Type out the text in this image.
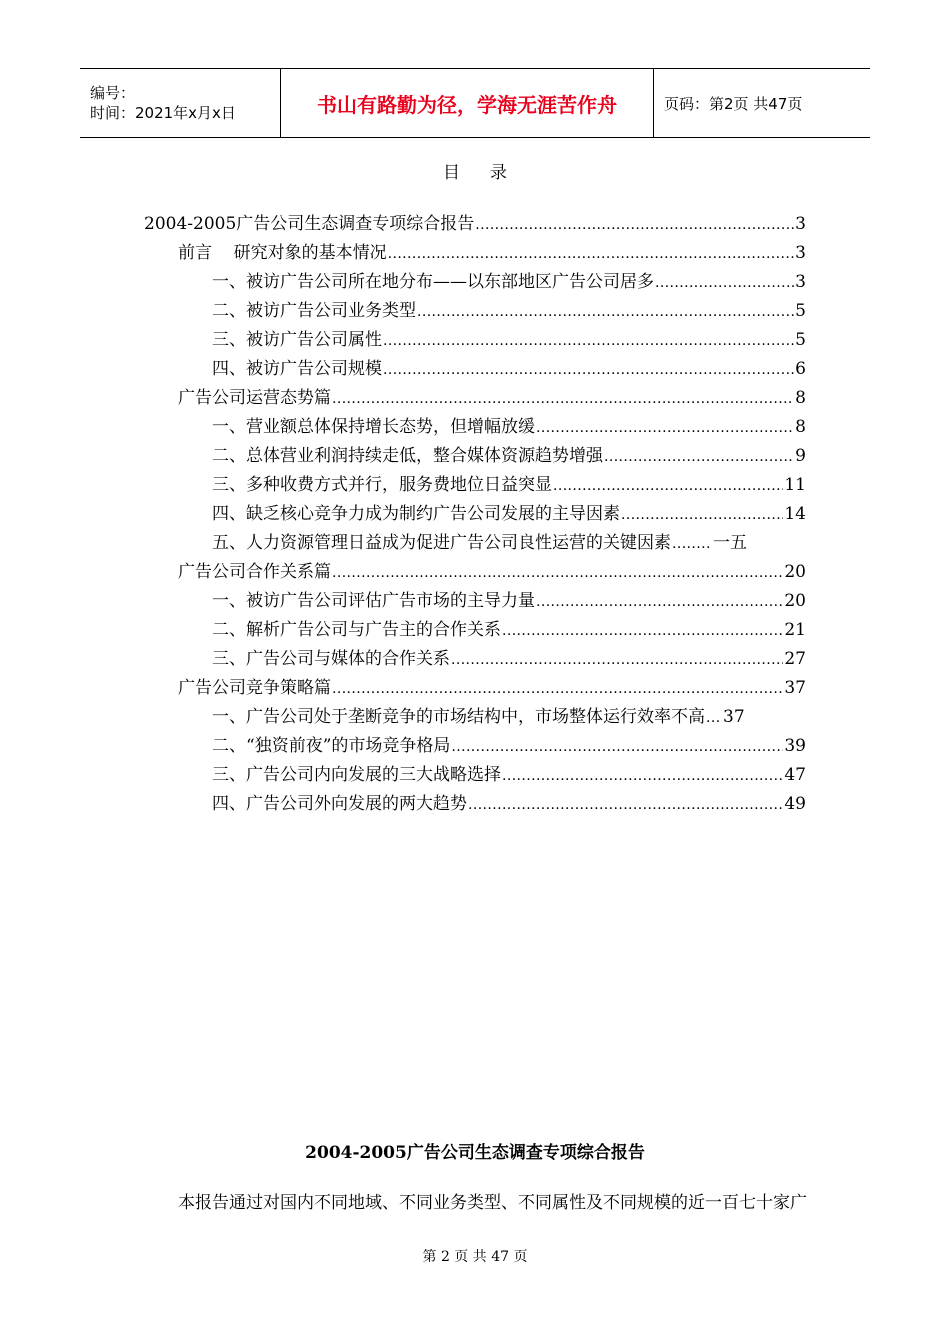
编号：
时间：2021年x月x日	书山有路勤为径，学海无涯苦作舟	页码：第2页 共47页
目 录
2004-2005广告公司生态调查专项综合报告 .....	3
前言    研究对象的基本情况 .....	3
一、被访广告公司所在地分布——以东部地区广告公司居多 .....	3
二、被访广告公司业务类型 .....	5
三、被访广告公司属性 .....	5
四、被访广告公司规模 .....	6
广告公司运营态势篇 .....	8
一、营业额总体保持增长态势，但增幅放缓 .....	8
二、总体营业利润持续走低，整合媒体资源趋势增强 .....	9
三、多种收费方式并行，服务费地位日益突显 .....	11
四、缺乏核心竞争力成为制约广告公司发展的主导因素 .....	14
五、人力资源管理日益成为促进广告公司良性运营的关键因素 ..... 一五
广告公司合作关系篇 .....	20
一、被访广告公司评估广告市场的主导力量 .....	20
二、解析广告公司与广告主的合作关系 .....	21
三、广告公司与媒体的合作关系 .....	27
广告公司竞争策略篇 .....	37
一、广告公司处于垄断竞争的市场结构中，市场整体运行效率不高 ..... 37
二、“独资前夜”的市场竞争格局 .....	39
三、广告公司内向发展的三大战略选择 .....	47
四、广告公司外向发展的两大趋势 .....	49
2004-2005广告公司生态调查专项综合报告
本报告通过对国内不同地域、不同业务类型、不同属性及不同规模的近一百七十家广
第 2 页 共 47 页
